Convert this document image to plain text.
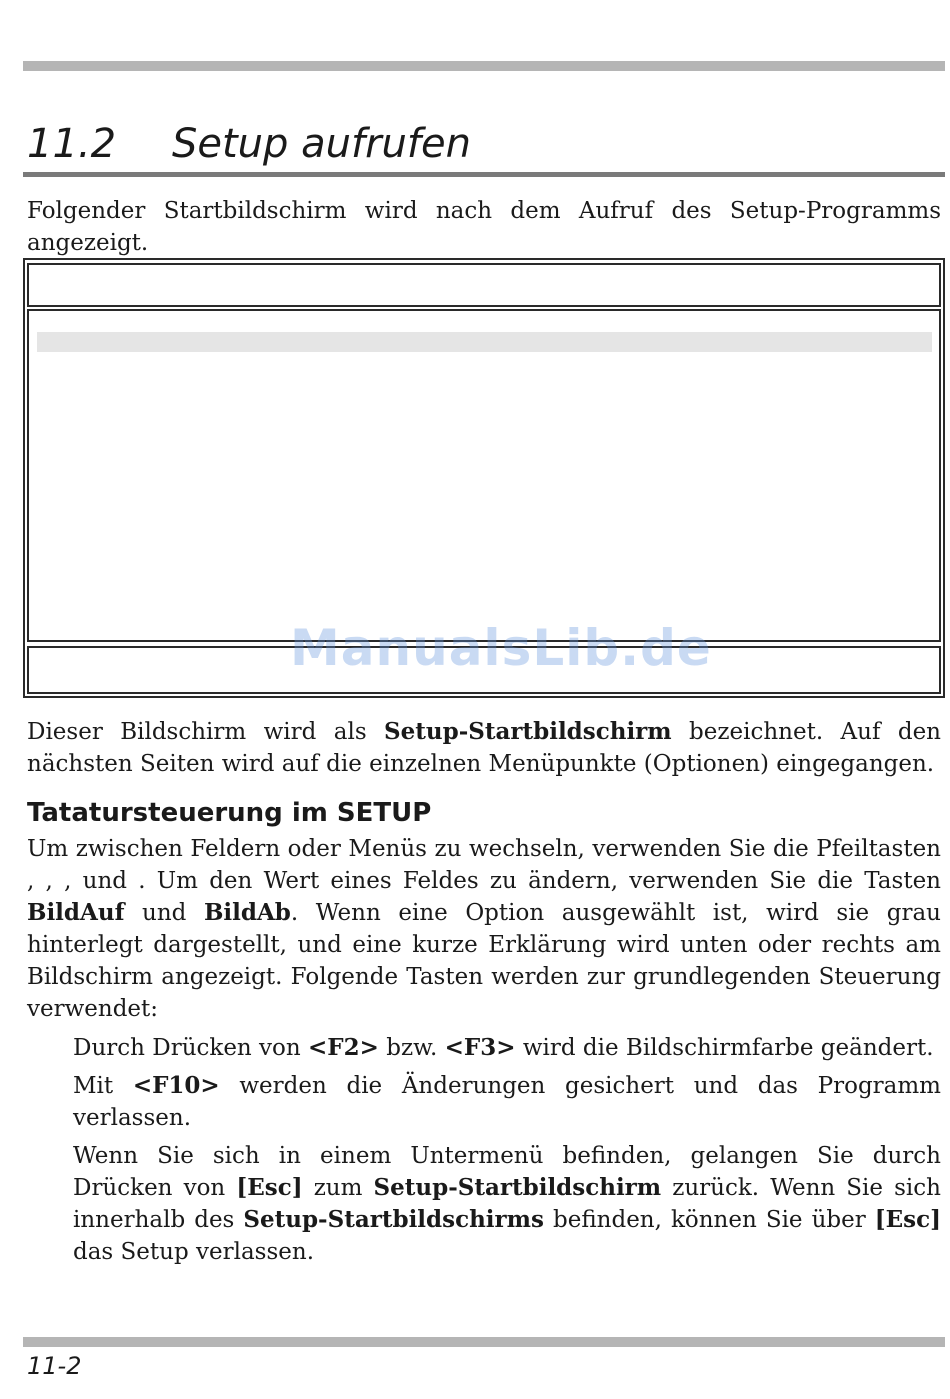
11.2 Setup aufrufen
Folgender Startbildschirm wird nach dem Aufruf des Setup-Programms angezeigt.
ManualsLib.de
Dieser Bildschirm wird als Setup-Startbildschirm bezeichnet. Auf den nächsten Seiten wird auf die einzelnen Menüpunkte (Optionen) eingegangen.
Tatatursteuerung im SETUP
Um zwischen Feldern oder Menüs zu wechseln, verwenden Sie die Pfeiltasten , , , und . Um den Wert eines Feldes zu ändern, verwenden Sie die Tasten BildAuf und BildAb. Wenn eine Option ausgewählt ist, wird sie grau hinterlegt dargestellt, und eine kurze Erklärung wird unten oder rechts am Bildschirm angezeigt. Folgende Tasten werden zur grundlegenden Steuerung verwendet:
Durch Drücken von <F2> bzw. <F3> wird die Bildschirmfarbe geändert.
Mit <F10> werden die Änderungen gesichert und das Programm verlassen.
Wenn Sie sich in einem Untermenü befinden, gelangen Sie durch Drücken von [Esc] zum Setup-Startbildschirm zurück. Wenn Sie sich innerhalb des Setup-Startbildschirms befinden, können Sie über [Esc] das Setup verlassen.
11-2
